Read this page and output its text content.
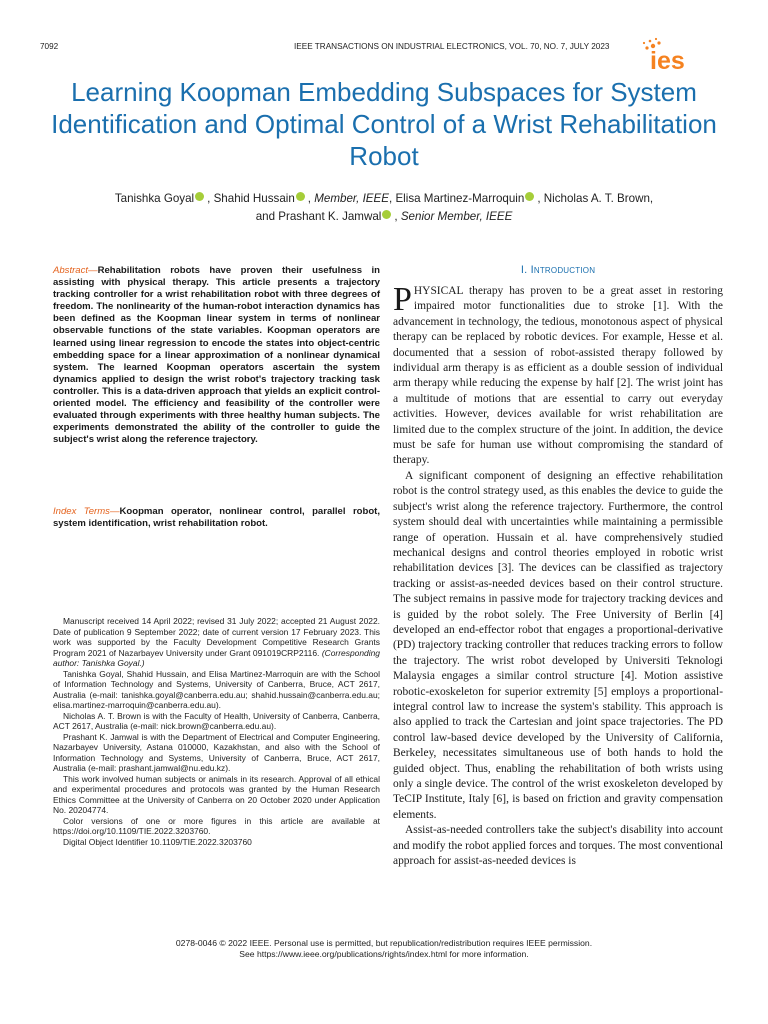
7092	IEEE TRANSACTIONS ON INDUSTRIAL ELECTRONICS, VOL. 70, NO. 7, JULY 2023
ies
Learning Koopman Embedding Subspaces for System Identification and Optimal Control of a Wrist Rehabilitation Robot
Tanishka Goyal , Shahid Hussain , Member, IEEE, Elisa Martinez-Marroquin , Nicholas A. T. Brown,
and Prashant K. Jamwal , Senior Member, IEEE
Abstract—Rehabilitation robots have proven their usefulness in assisting with physical therapy. This article presents a trajectory tracking controller for a wrist rehabilitation robot with three degrees of freedom. The nonlinearity of the human-robot interaction dynamics has been defined as the Koopman linear system in terms of nonlinear observable functions of the state variables. Koopman operators are learned using linear regression to encode the states into object-centric embedding space for a linear approximation of a nonlinear dynamical system. The learned Koopman operators ascertain the system dynamics applied to design the wrist robot's trajectory tracking task controller. This is a data-driven approach that yields an explicit control-oriented model. The efficiency and feasibility of the controller were evaluated through experiments with three healthy human subjects. The experiments demonstrated the ability of the controller to guide the subject's wrist along the reference trajectory.
Index Terms—Koopman operator, nonlinear control, parallel robot, system identification, wrist rehabilitation robot.

Manuscript received 14 April 2022; revised 31 July 2022; accepted 21 August 2022. Date of publication 9 September 2022; date of current version 17 February 2023. This work was supported by the Faculty Development Competitive Research Grants Program 2021 of Nazarbayev University under Grant 091019CRP2116. (Corresponding author: Tanishka Goyal.)

Tanishka Goyal, Shahid Hussain, and Elisa Martinez-Marroquin are with the School of Information Technology and Systems, University of Canberra, Bruce, ACT 2617, Australia (e-mail: tanishka.goyal@canberra.edu.au; shahid.hussain@canberra.edu.au; elisa.martinez-marroquin@canberra.edu.au).

Nicholas A. T. Brown is with the Faculty of Health, University of Canberra, Canberra, ACT 2617, Australia (e-mail: nick.brown@canberra.edu.au).

Prashant K. Jamwal is with the Department of Electrical and Computer Engineering, Nazarbayev University, Astana 010000, Kazakhstan, and also with the School of Information Technology and Systems, University of Canberra, Bruce, ACT 2617, Australia (e-mail: prashant.jamwal@nu.edu.kz).

This work involved human subjects or animals in its research. Approval of all ethical and experimental procedures and protocols was granted by the Human Research Ethics Committee at the University of Canberra on 20 October 2020 under Application No. 20204774.

Color versions of one or more figures in this article are available at https://doi.org/10.1109/TIE.2022.3203760.

Digital Object Identifier 10.1109/TIE.2022.3203760

I. Introduction

PHYSICAL therapy has proven to be a great asset in restoring impaired motor functionalities due to stroke [1]. With the advancement in technology, the tedious, monotonous aspect of physical therapy can be replaced by robotic devices. For example, Hesse et al. documented that a session of robot-assisted therapy followed by individual arm therapy is as efficient as a double session of individual arm therapy while reducing the expense by half [2]. The wrist joint has a multitude of motions that are essential to carry out everyday activities. However, devices available for wrist rehabilitation are limited due to the complex structure of the joint. In addition, the device must be safe for human use without compromising the standard of therapy.

A significant component of designing an effective rehabilitation robot is the control strategy used, as this enables the device to guide the subject's wrist along the reference trajectory. Furthermore, the control system should deal with uncertainties while maintaining a permissible range of operation. Hussain et al. have comprehensively studied mechanical designs and control theories employed in robotic wrist rehabilitation devices [3]. The devices can be classified as trajectory tracking or assist-as-needed devices based on their control structure. The subject remains in passive mode for trajectory tracking devices and is guided by the robot solely. The Free University of Berlin [4] developed an end-effector robot that engages a proportional-derivative (PD) trajectory tracking controller that reduces tracking errors to follow the trajectory. The wrist robot developed by Universiti Teknologi Malaysia engages a similar control structure [4]. Motion assistive robotic-exoskeleton for superior extremity [5] employs a proportional-integral control law to increase the system's stability. This approach is also applied to track the Cartesian and joint space trajectories. The PD control law-based device developed by the University of California, Berkeley, necessitates simultaneous use of both hands to hold the guided object. Thus, enabling the rehabilitation of both wrists using only a single device. The control of the wrist exoskeleton developed by TeCIP Institute, Italy [6], is based on friction and gravity compensation elements.

Assist-as-needed controllers take the subject's disability into account and modify the robot applied forces and torques. The most conventional approach for assist-as-needed devices is

0278-0046 © 2022 IEEE. Personal use is permitted, but republication/redistribution requires IEEE permission.
See https://www.ieee.org/publications/rights/index.html for more information.
